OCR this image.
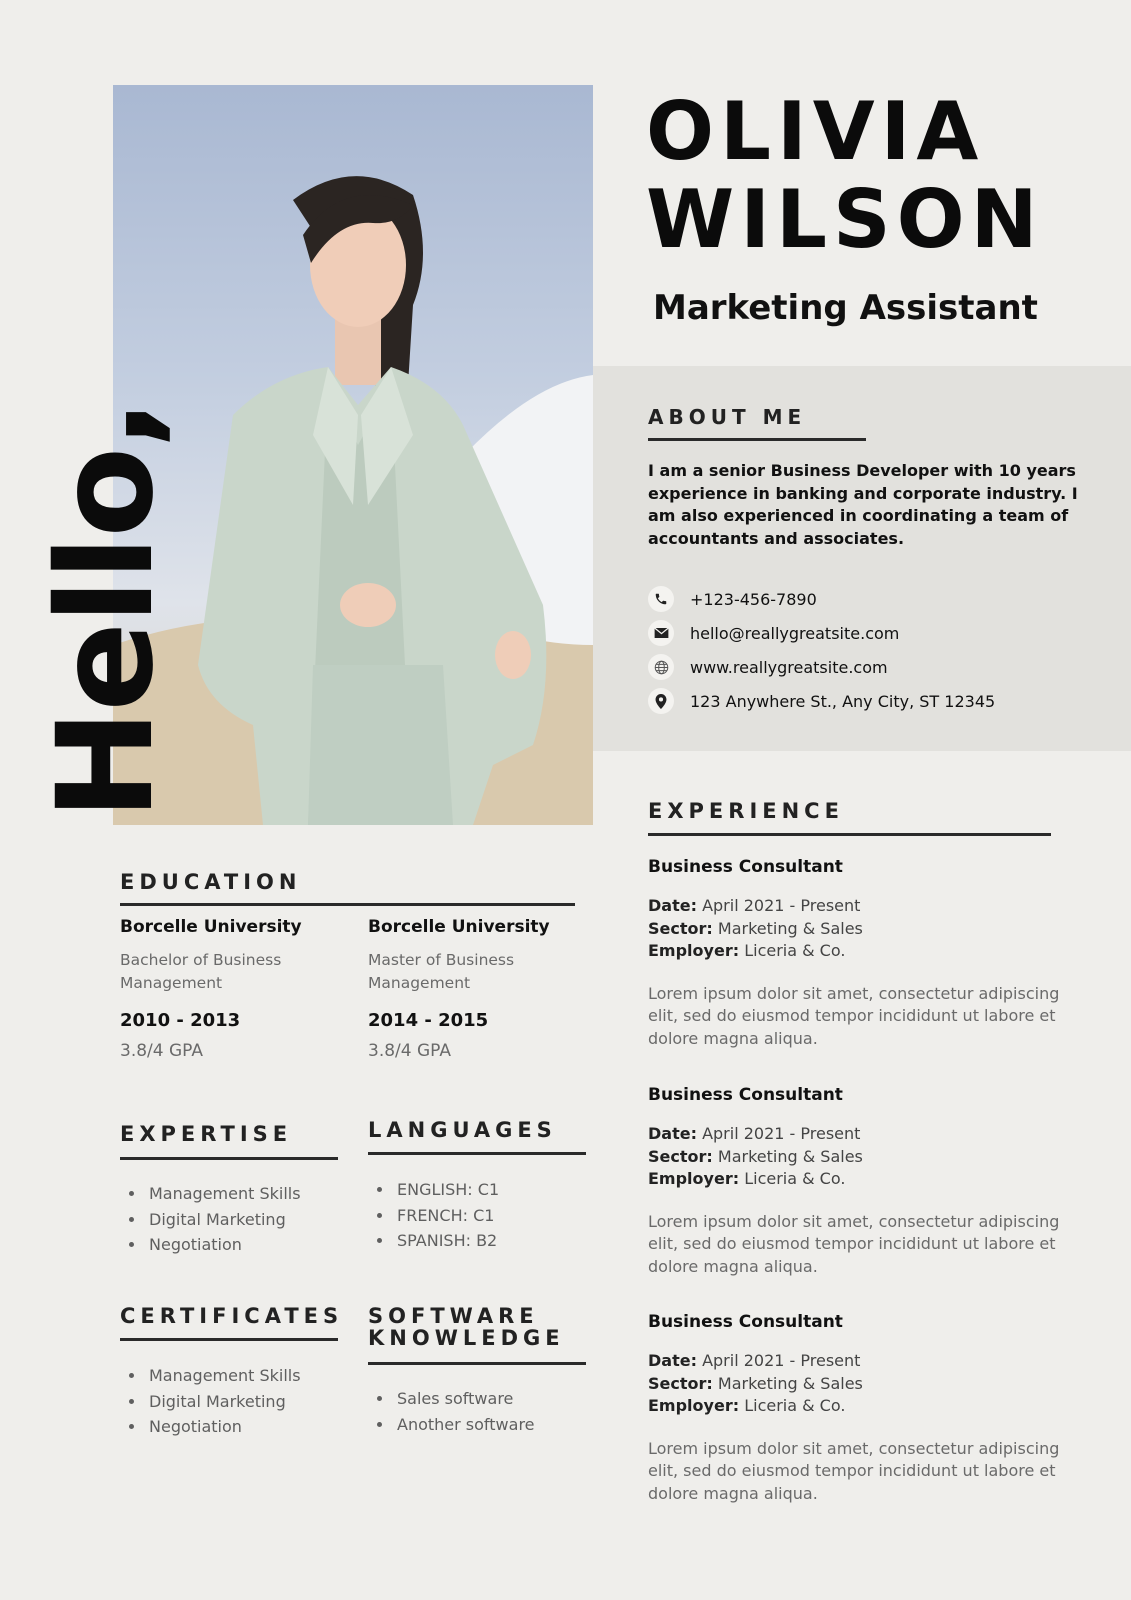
Hello,
OLIVIA
WILSON
Marketing Assistant
ABOUT ME
I am a senior Business Developer with 10 years experience in banking and corporate industry. I am also experienced in coordinating a team of accountants and associates.
+123-456-7890
hello@reallygreatsite.com
www.reallygreatsite.com
123 Anywhere St., Any City, ST 12345
EDUCATION
Borcelle University
Bachelor of Business Management
2010 - 2013
3.8/4 GPA
Borcelle University
Master of Business Management
2014 - 2015
3.8/4 GPA
EXPERTISE
Management Skills
Digital Marketing
Negotiation
LANGUAGES
ENGLISH: C1
FRENCH: C1
SPANISH: B2
CERTIFICATES
Management Skills
Digital Marketing
Negotiation
SOFTWARE
KNOWLEDGE
Sales software
Another software
EXPERIENCE
Business Consultant
Date: April 2021 - Present
Sector: Marketing & Sales
Employer: Liceria & Co.
Lorem ipsum dolor sit amet, consectetur adipiscing elit, sed do eiusmod tempor incididunt ut labore et dolore magna aliqua.
Business Consultant
Date: April 2021 - Present
Sector: Marketing & Sales
Employer: Liceria & Co.
Lorem ipsum dolor sit amet, consectetur adipiscing elit, sed do eiusmod tempor incididunt ut labore et dolore magna aliqua.
Business Consultant
Date: April 2021 - Present
Sector: Marketing & Sales
Employer: Liceria & Co.
Lorem ipsum dolor sit amet, consectetur adipiscing elit, sed do eiusmod tempor incididunt ut labore et dolore magna aliqua.
